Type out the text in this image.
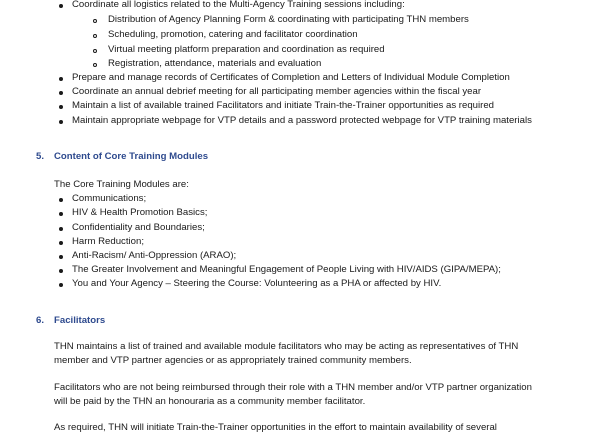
Coordinate all logistics related to the Multi-Agency Training sessions including:
Distribution of Agency Planning Form & coordinating with participating THN members
Scheduling, promotion, catering and facilitator coordination
Virtual meeting platform preparation and coordination as required
Registration, attendance, materials and evaluation
Prepare and manage records of Certificates of Completion and Letters of Individual Module Completion
Coordinate an annual debrief meeting for all participating member agencies within the fiscal year
Maintain a list of available trained Facilitators and initiate Train-the-Trainer opportunities as required
Maintain appropriate webpage for VTP details and a password protected webpage for VTP training materials
5. Content of Core Training Modules
The Core Training Modules are:
Communications;
HIV & Health Promotion Basics;
Confidentiality and Boundaries;
Harm Reduction;
Anti-Racism/ Anti-Oppression (ARAO);
The Greater Involvement and Meaningful Engagement of People Living with HIV/AIDS (GIPA/MEPA);
You and Your Agency – Steering the Course: Volunteering as a PHA or affected by HIV.
6. Facilitators
THN maintains a list of trained and available module facilitators who may be acting as representatives of THN
member and VTP partner agencies or as appropriately trained community members.
Facilitators who are not being reimbursed through their role with a THN member and/or VTP partner organization
will be paid by the THN an honouraria as a community member facilitator.
As required, THN will initiate Train-the-Trainer opportunities in the effort to maintain availability of several
